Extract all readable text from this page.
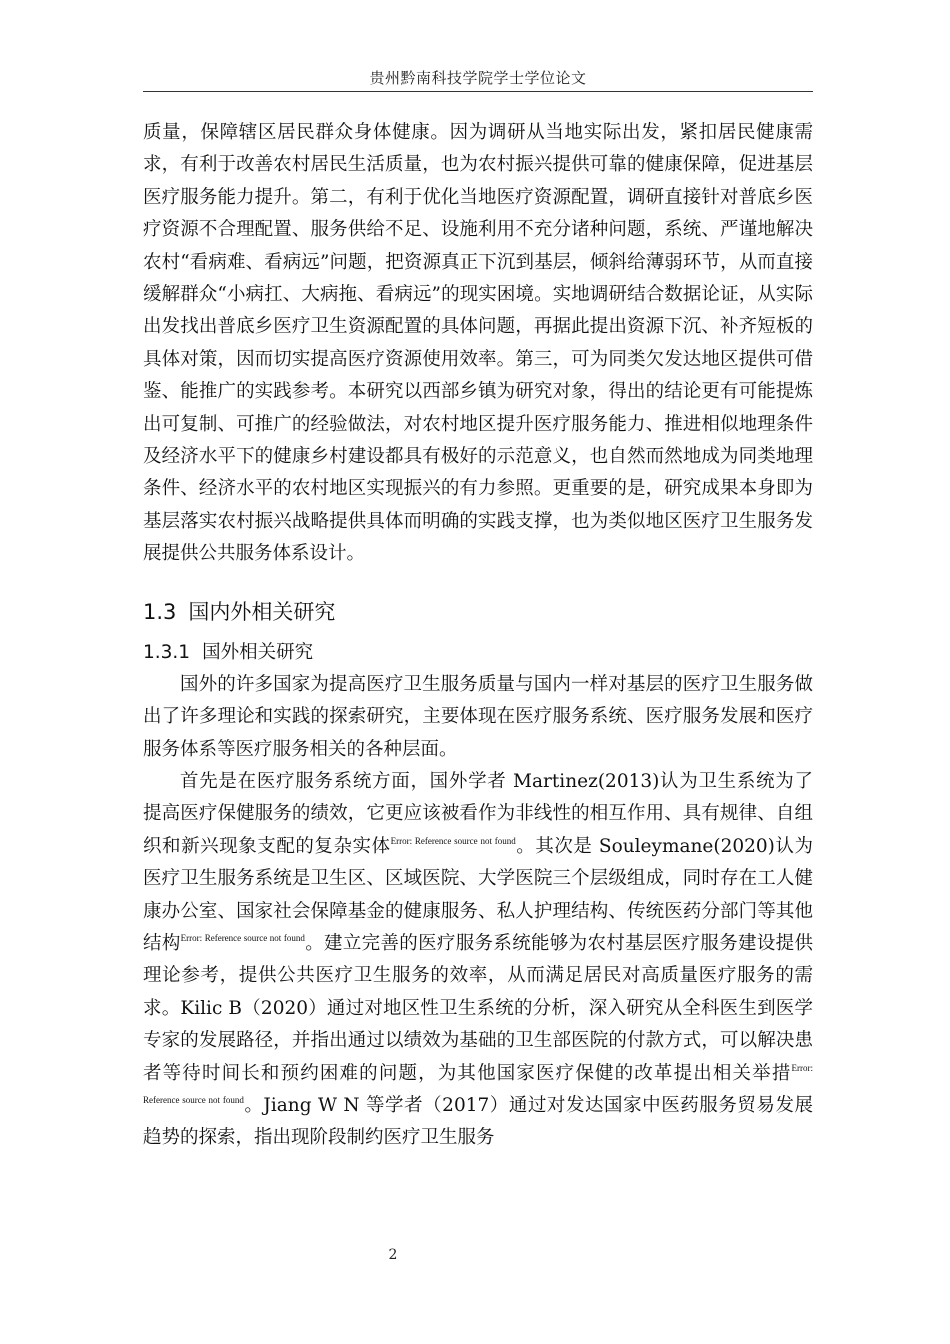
贵州黔南科技学院学士学位论文

质量，保障辖区居民群众身体健康。因为调研从当地实际出发，紧扣居民健康需求，有利于改善农村居民生活质量，也为农村振兴提供可靠的健康保障，促进基层医疗服务能力提升。第二，有利于优化当地医疗资源配置，调研直接针对普底乡医疗资源不合理配置、服务供给不足、设施利用不充分诸种问题，系统、严谨地解决农村“看病难、看病远”问题，把资源真正下沉到基层，倾斜给薄弱环节，从而直接缓解群众“小病扛、大病拖、看病远”的现实困境。实地调研结合数据论证，从实际出发找出普底乡医疗卫生资源配置的具体问题，再据此提出资源下沉、补齐短板的具体对策，因而切实提高医疗资源使用效率。第三，可为同类欠发达地区提供可借鉴、能推广的实践参考。本研究以西部乡镇为研究对象，得出的结论更有可能提炼出可复制、可推广的经验做法，对农村地区提升医疗服务能力、推进相似地理条件及经济水平下的健康乡村建设都具有极好的示范意义，也自然而然地成为同类地理条件、经济水平的农村地区实现振兴的有力参照。更重要的是，研究成果本身即为基层落实农村振兴战略提供具体而明确的实践支撑，也为类似地区医疗卫生服务发展提供公共服务体系设计。

1.3 国内外相关研究
1.3.1 国外相关研究

国外的许多国家为提高医疗卫生服务质量与国内一样对基层的医疗卫生服务做出了许多理论和实践的探索研究，主要体现在医疗服务系统、医疗服务发展和医疗服务体系等医疗服务相关的各种层面。

首先是在医疗服务系统方面，国外学者 Martinez(2013)认为卫生系统为了提高医疗保健服务的绩效，它更应该被看作为非线性的相互作用、具有规律、自组织和新兴现象支配的复杂实体$^{Error: Reference source not found}$。其次是 Souleymane(2020)认为医疗卫生服务系统是卫生区、区域医院、大学医院三个层级组成，同时存在工人健康办公室、国家社会保障基金的健康服务、私人护理结构、传统医药分部门等其他结构$^{Error: Reference source not found}$。建立完善的医疗服务系统能够为农村基层医疗服务建设提供理论参考，提供公共医疗卫生服务的效率，从而满足居民对高质量医疗服务的需求。Kilic B（2020）通过对地区性卫生系统的分析，深入研究从全科医生到医学专家的发展路径，并指出通过以绩效为基础的卫生部医院的付款方式，可以解决患者等待时间长和预约困难的问题，为其他国家医疗保健的改革提出相关举措$^{Error: Reference source not found}$。Jiang W N 等学者（2017）通过对发达国家中医药服务贸易发展趋势的探索，指出现阶段制约医疗卫生服务

2
